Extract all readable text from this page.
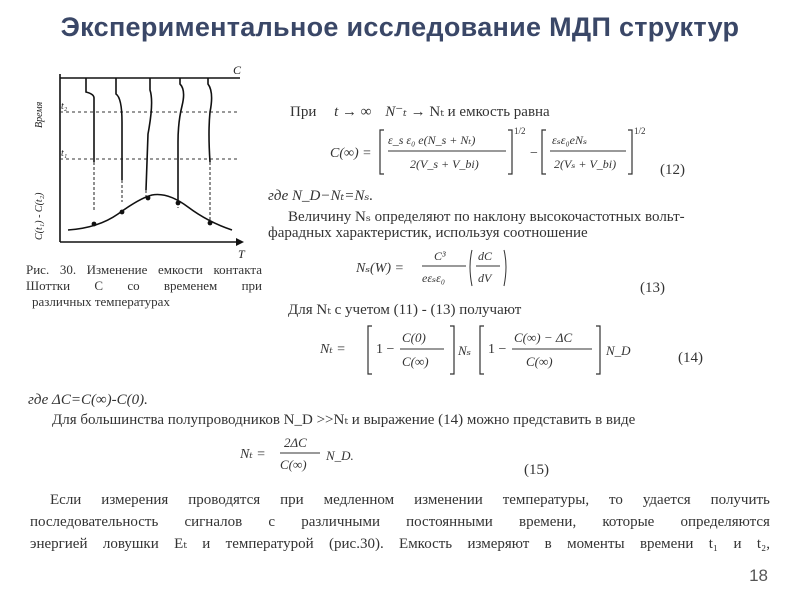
Экспериментальное исследование МДП структур
C
T
t₂
t₁
Время
C(t₁) - C(t₂)
Рис. 30. Изменение емкости контакта
Шоттки C со временем при
различных температурах
При t → ∞ N⁻ₜ → Nₜ и емкость равна
C(∞) =
ε_s ε₀ e(N_s + Nₜ)
2(V_s + V_bi)
1/2
−
εₛε₀eNₛ
2(Vₛ + V_bi)
1/2
(12)
где N_D−Nₜ=Nₛ.
Величину Nₛ определяют по наклону высокочастотных вольт-
фарадных характеристик, используя соотношение
Nₛ(W) =
C³
eεₛε₀
dC
dV
(13)
Для Nₜ с учетом (11) - (13) получают
Nₜ = 1 −
C(0)
C(∞)
Nₛ 1 −
C(∞) − ΔC
C(∞)
N_D	(14)
где ΔC=C(∞)-C(0).
Для большинства полупроводников N_D >>Nₜ и выражение (14) можно представить в виде
Nₜ =
2ΔC
C(∞)
N_D.
(15)
Если измерения проводятся при медленном изменении температуры, то удается получить
последовательность сигналов с различными постоянными времени, которые определяются
энергией ловушки Eₜ и температурой (рис.30). Емкость измеряют в моменты времени t₁ и t₂,
18
